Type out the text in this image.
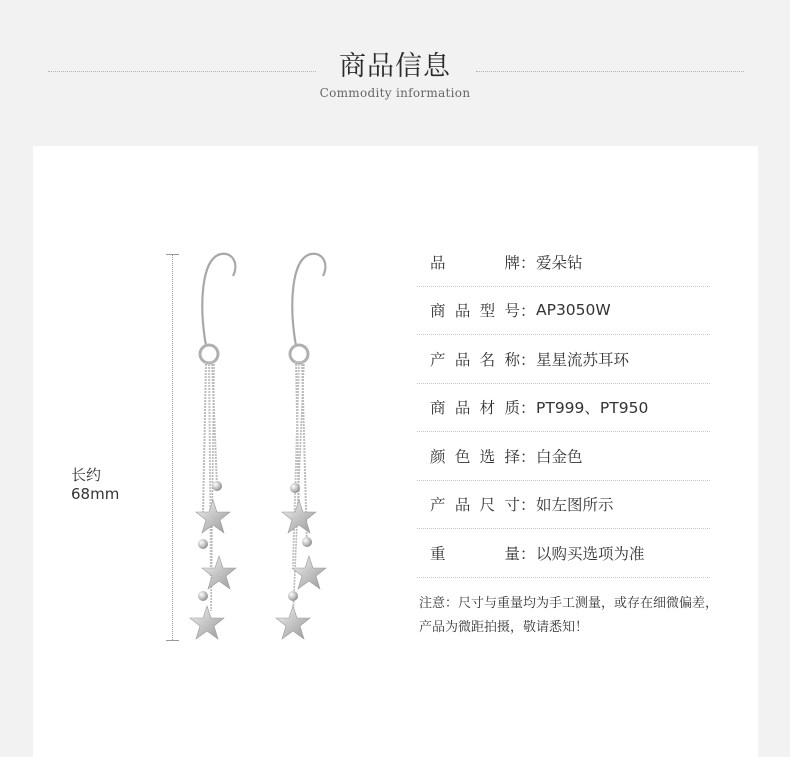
商品信息
Commodity information
长约68mm
品牌 ： 爱朵钻
商品型号 ： AP3050W
产品名称 ： 星星流苏耳环
商品材质 ： PT999、PT950
颜色选择 ： 白金色
产品尺寸 ： 如左图所示
重量 ： 以购买选项为准
注意：尺寸与重量均为手工测量，或存在细微偏差，产品为微距拍摄，敬请悉知！
